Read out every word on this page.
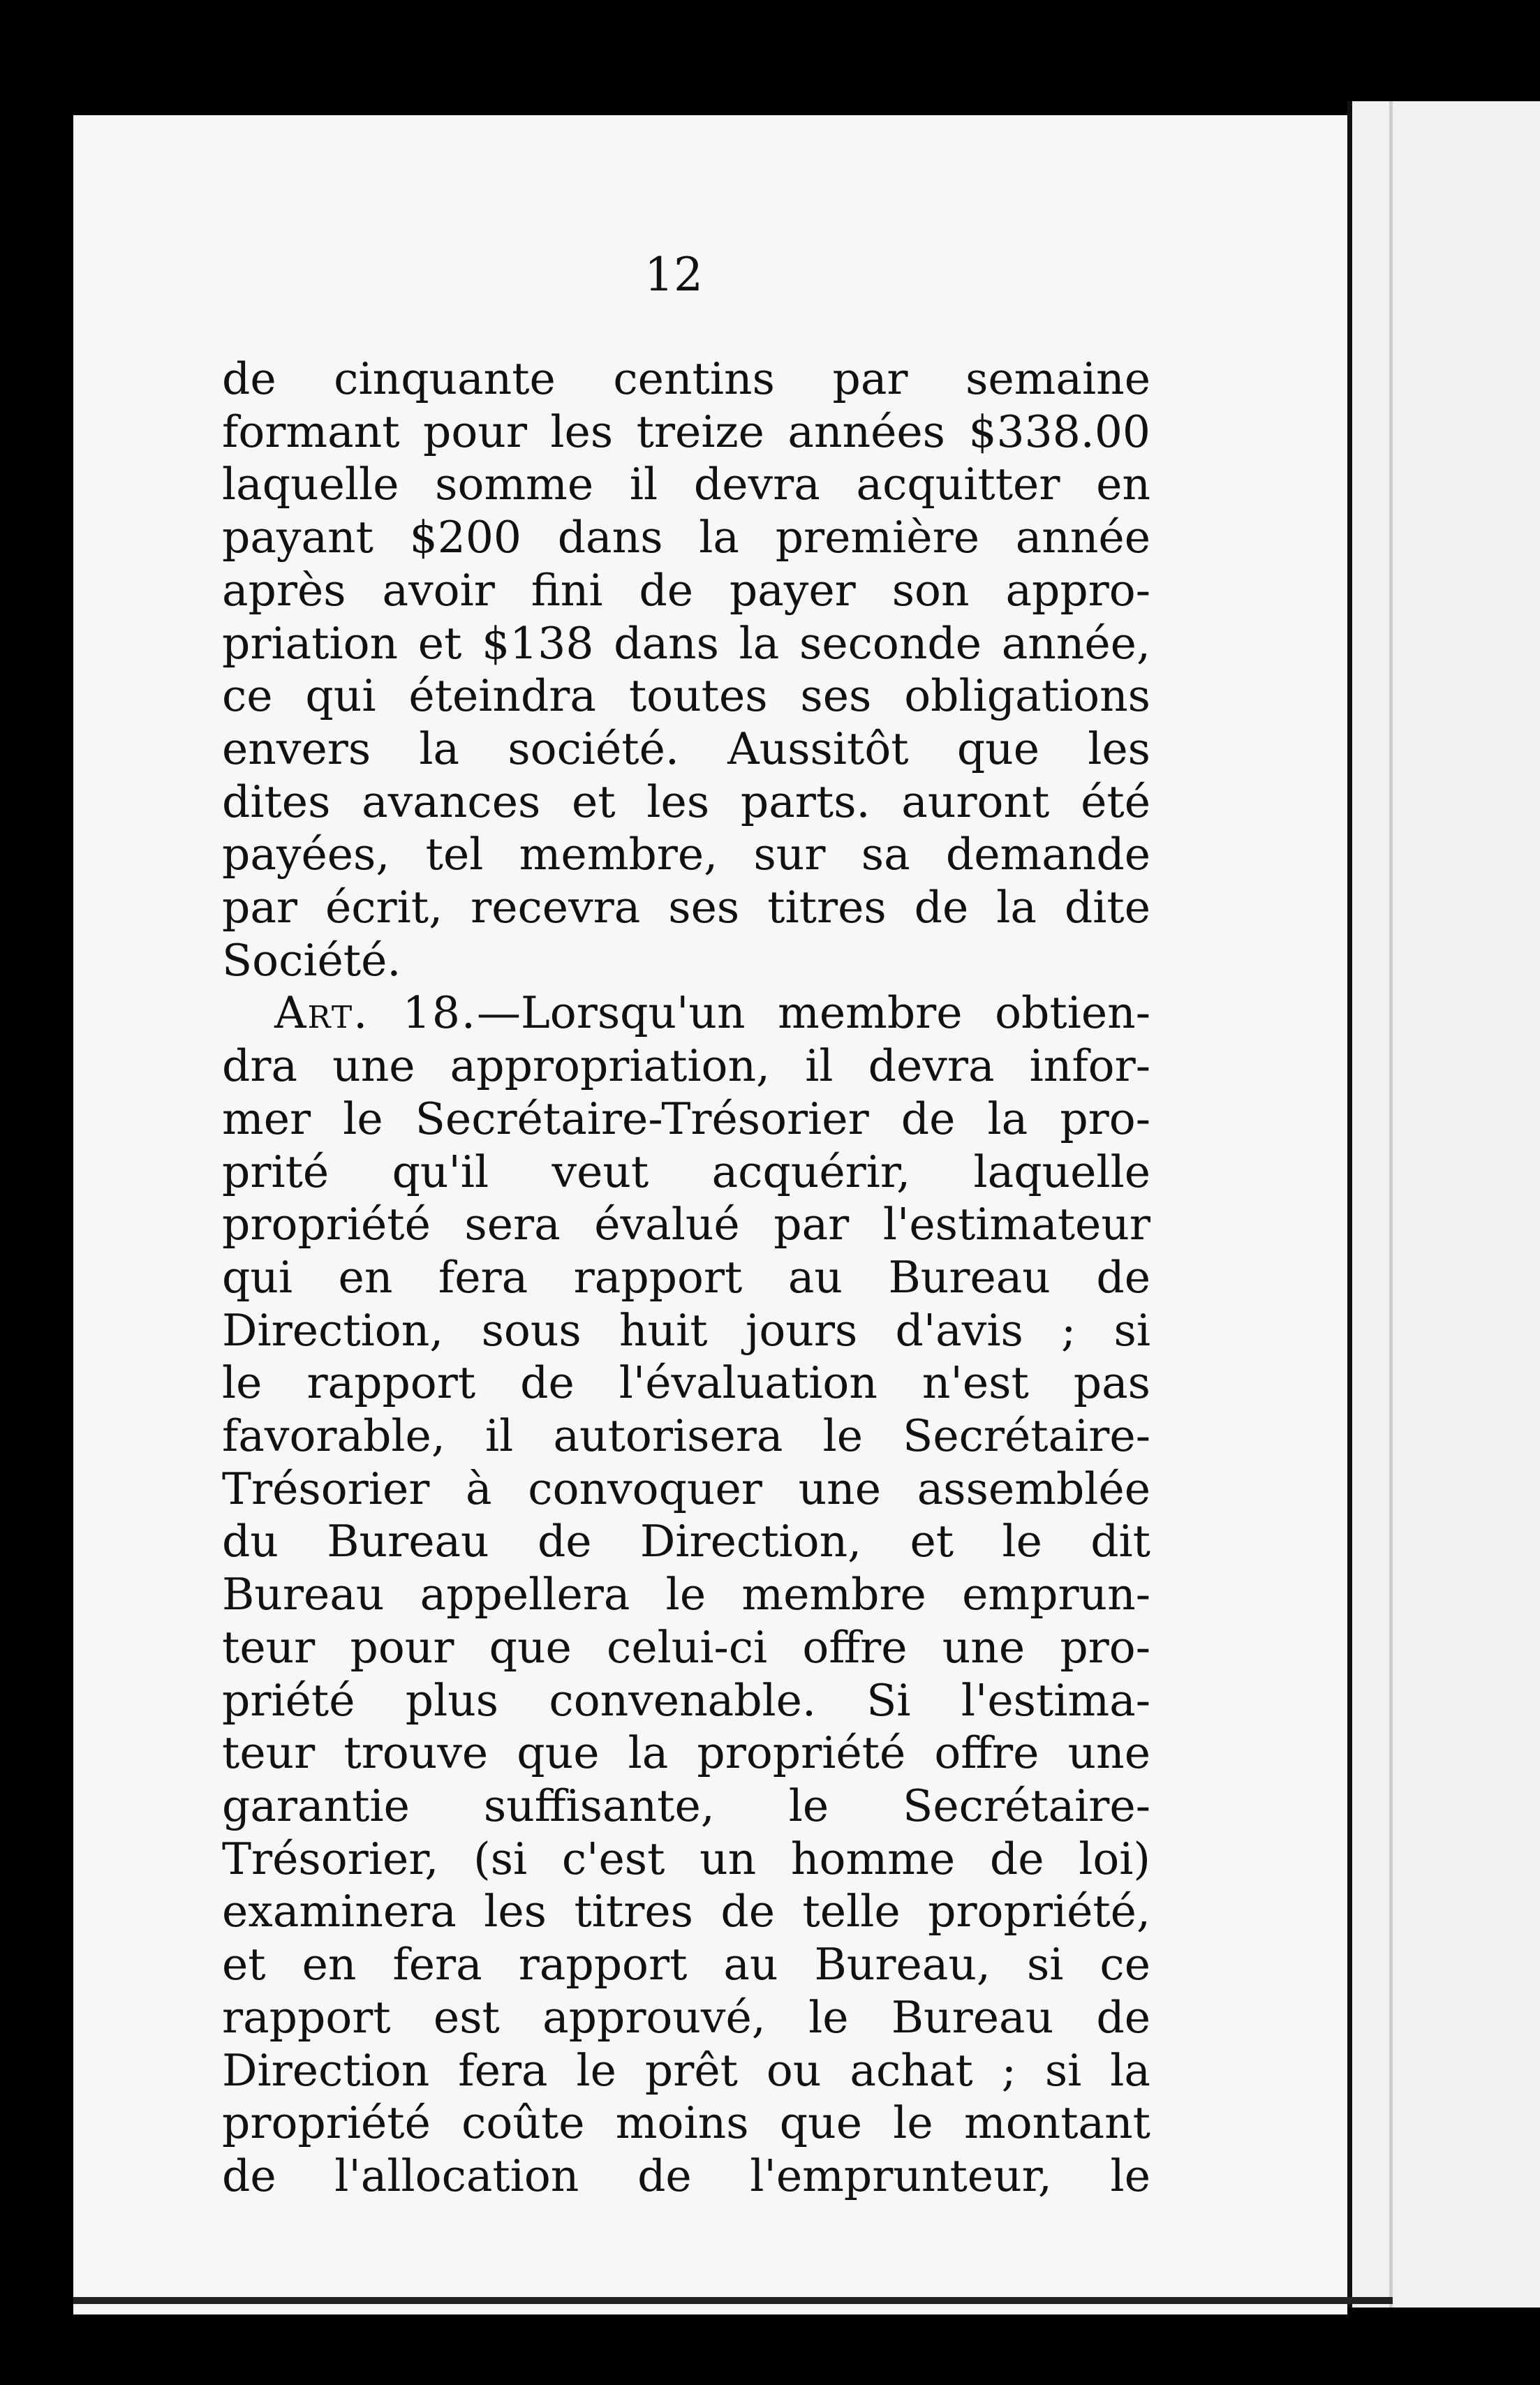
12
de cinquante centins par semaine
formant pour les treize années $338.00
laquelle somme il devra acquitter en
payant $200 dans la première année
après avoir fini de payer son appro-
priation et $138 dans la seconde année,
ce qui éteindra toutes ses obligations
envers la société. Aussitôt que les
dites avances et les parts. auront été
payées, tel membre, sur sa demande
par écrit, recevra ses titres de la dite
Société.
Art. 18.—Lorsqu'un membre obtien-
dra une appropriation, il devra infor-
mer le Secrétaire-Trésorier de la pro-
prité qu'il veut acquérir, laquelle
propriété sera évalué par l'estimateur
qui en fera rapport au Bureau de
Direction, sous huit jours d'avis ; si
le rapport de l'évaluation n'est pas
favorable, il autorisera le Secrétaire-
Trésorier à convoquer une assemblée
du Bureau de Direction, et le dit
Bureau appellera le membre emprun-
teur pour que celui-ci offre une pro-
priété plus convenable. Si l'estima-
teur trouve que la propriété offre une
garantie suffisante, le Secrétaire-
Trésorier, (si c'est un homme de loi)
examinera les titres de telle propriété,
et en fera rapport au Bureau, si ce
rapport est approuvé, le Bureau de
Direction fera le prêt ou achat ; si la
propriété coûte moins que le montant
de l'allocation de l'emprunteur, le
